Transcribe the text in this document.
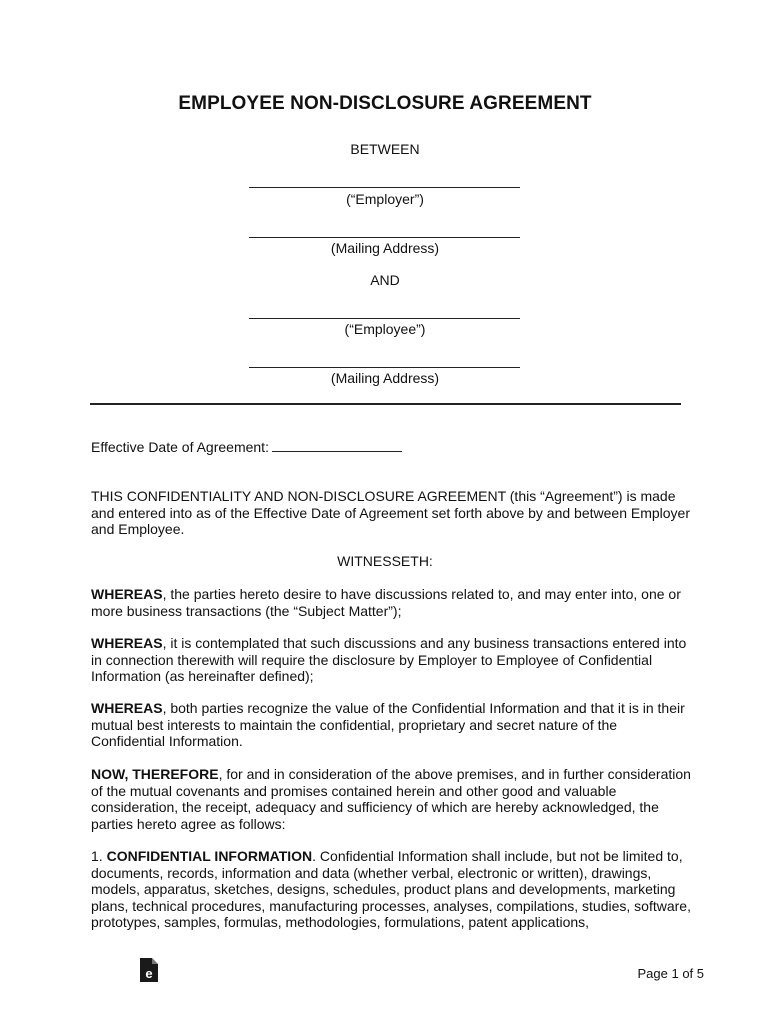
EMPLOYEE NON-DISCLOSURE AGREEMENT
BETWEEN
(“Employer”)
(Mailing Address)
AND
(“Employee”)
(Mailing Address)
Effective Date of Agreement:
THIS CONFIDENTIALITY AND NON-DISCLOSURE AGREEMENT (this “Agreement”) is made and entered into as of the Effective Date of Agreement set forth above by and between Employer and Employee.
WITNESSETH:
WHEREAS, the parties hereto desire to have discussions related to, and may enter into, one or more business transactions (the “Subject Matter”);
WHEREAS, it is contemplated that such discussions and any business transactions entered into in connection therewith will require the disclosure by Employer to Employee of Confidential Information (as hereinafter defined);
WHEREAS, both parties recognize the value of the Confidential Information and that it is in their mutual best interests to maintain the confidential, proprietary and secret nature of the Confidential Information.
NOW, THEREFORE, for and in consideration of the above premises, and in further consideration of the mutual covenants and promises contained herein and other good and valuable consideration, the receipt, adequacy and sufficiency of which are hereby acknowledged, the parties hereto agree as follows:
1. CONFIDENTIAL INFORMATION. Confidential Information shall include, but not be limited to, documents, records, information and data (whether verbal, electronic or written), drawings, models, apparatus, sketches, designs, schedules, product plans and developments, marketing plans, technical procedures, manufacturing processes, analyses, compilations, studies, software, prototypes, samples, formulas, methodologies, formulations, patent applications,
e	Page 1 of 5
